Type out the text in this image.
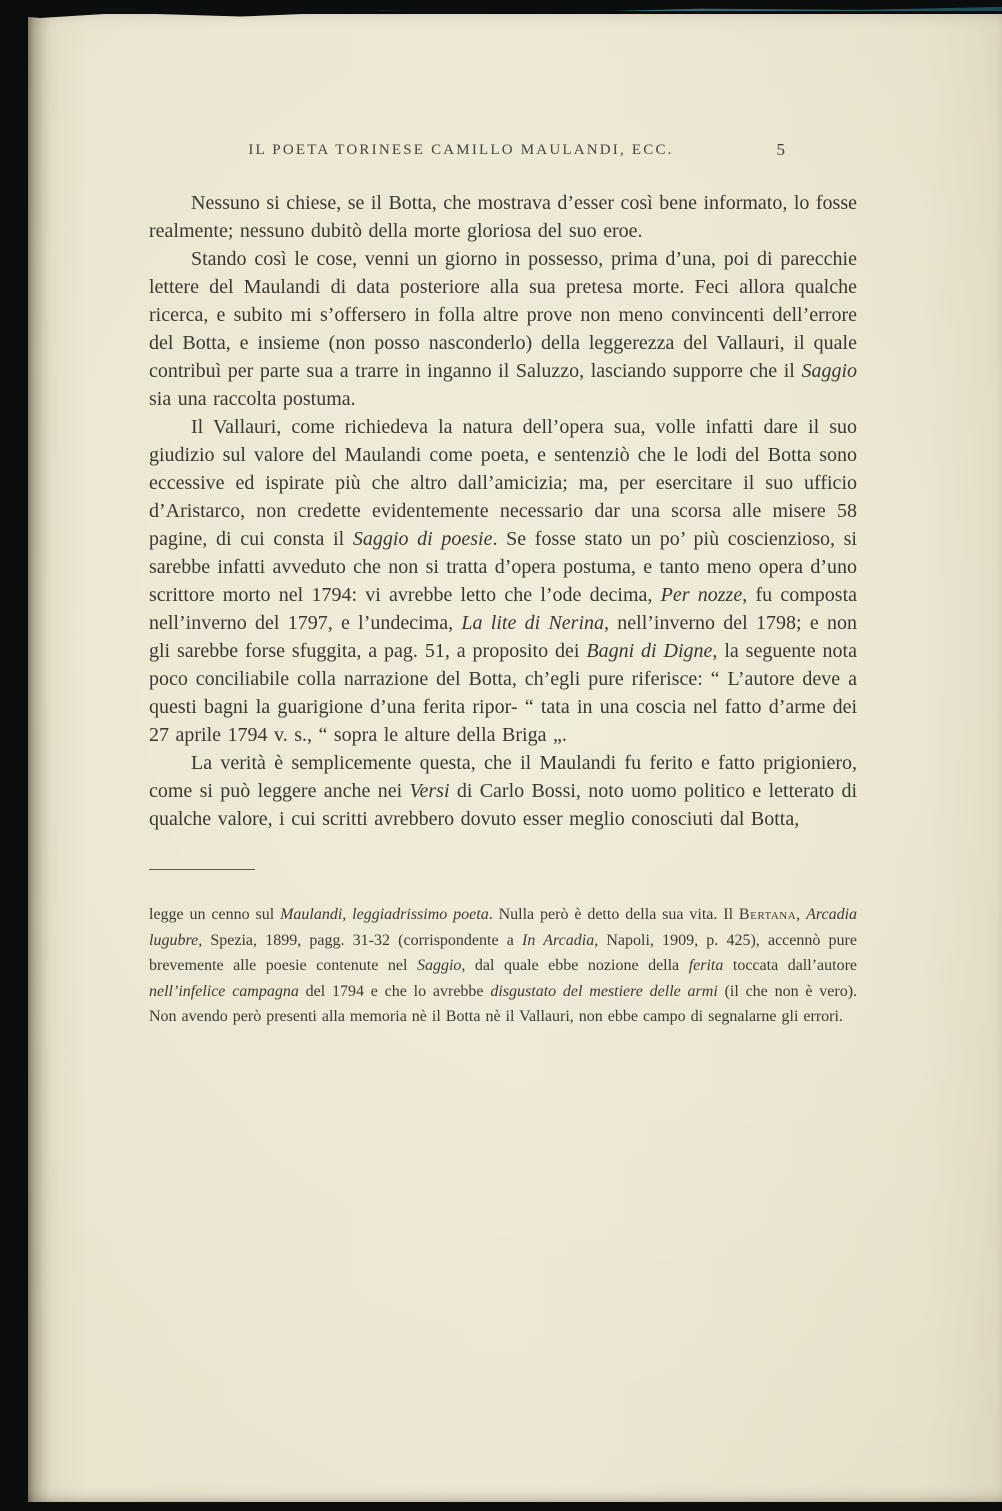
IL POETA TORINESE CAMILLO MAULANDI, ECC.	5

Nessuno si chiese, se il Botta, che mostrava d’esser così bene informato, lo fosse realmente; nessuno dubitò della morte gloriosa del suo eroe.

Stando così le cose, venni un giorno in possesso, prima d’una, poi di parecchie lettere del Maulandi di data posteriore alla sua pretesa morte. Feci allora qualche ricerca, e subito mi s’offersero in folla altre prove non meno convincenti dell’errore del Botta, e insieme (non posso nasconderlo) della leggerezza del Vallauri, il quale contribuì per parte sua a trarre in inganno il Saluzzo, lasciando supporre che il Saggio sia una raccolta postuma.

Il Vallauri, come richiedeva la natura dell’opera sua, volle infatti dare il suo giudizio sul valore del Maulandi come poeta, e sentenziò che le lodi del Botta sono eccessive ed ispirate più che altro dall’amicizia; ma, per esercitare il suo ufficio d’Aristarco, non credette evidentemente necessario dar una scorsa alle misere 58 pagine, di cui consta il Saggio di poesie. Se fosse stato un po’ più coscienzioso, si sarebbe infatti avveduto che non si tratta d’opera postuma, e tanto meno opera d’uno scrittore morto nel 1794: vi avrebbe letto che l’ode decima, Per nozze, fu composta nell’inverno del 1797, e l’undecima, La lite di Nerina, nell’inverno del 1798; e non gli sarebbe forse sfuggita, a pag. 51, a proposito dei Bagni di Digne, la seguente nota poco conciliabile colla narrazione del Botta, ch’egli pure riferisce: “ L’autore deve a questi bagni la guarigione d’una ferita ripor- “ tata in una coscia nel fatto d’arme dei 27 aprile 1794 v. s., “ sopra le alture della Briga „.

La verità è semplicemente questa, che il Maulandi fu ferito e fatto prigioniero, come si può leggere anche nei Versi di Carlo Bossi, noto uomo politico e letterato di qualche valore, i cui scritti avrebbero dovuto esser meglio conosciuti dal Botta,

legge un cenno sul Maulandi, leggiadrissimo poeta. Nulla però è detto della sua vita. Il Bertana, Arcadia lugubre, Spezia, 1899, pagg. 31-32 (corrispondente a In Arcadia, Napoli, 1909, p. 425), accennò pure brevemente alle poesie contenute nel Saggio, dal quale ebbe nozione della ferita toccata dall’autore nell’infelice campagna del 1794 e che lo avrebbe disgustato del mestiere delle armi (il che non è vero). Non avendo però presenti alla memoria nè il Botta nè il Vallauri, non ebbe campo di segnalarne gli errori.
